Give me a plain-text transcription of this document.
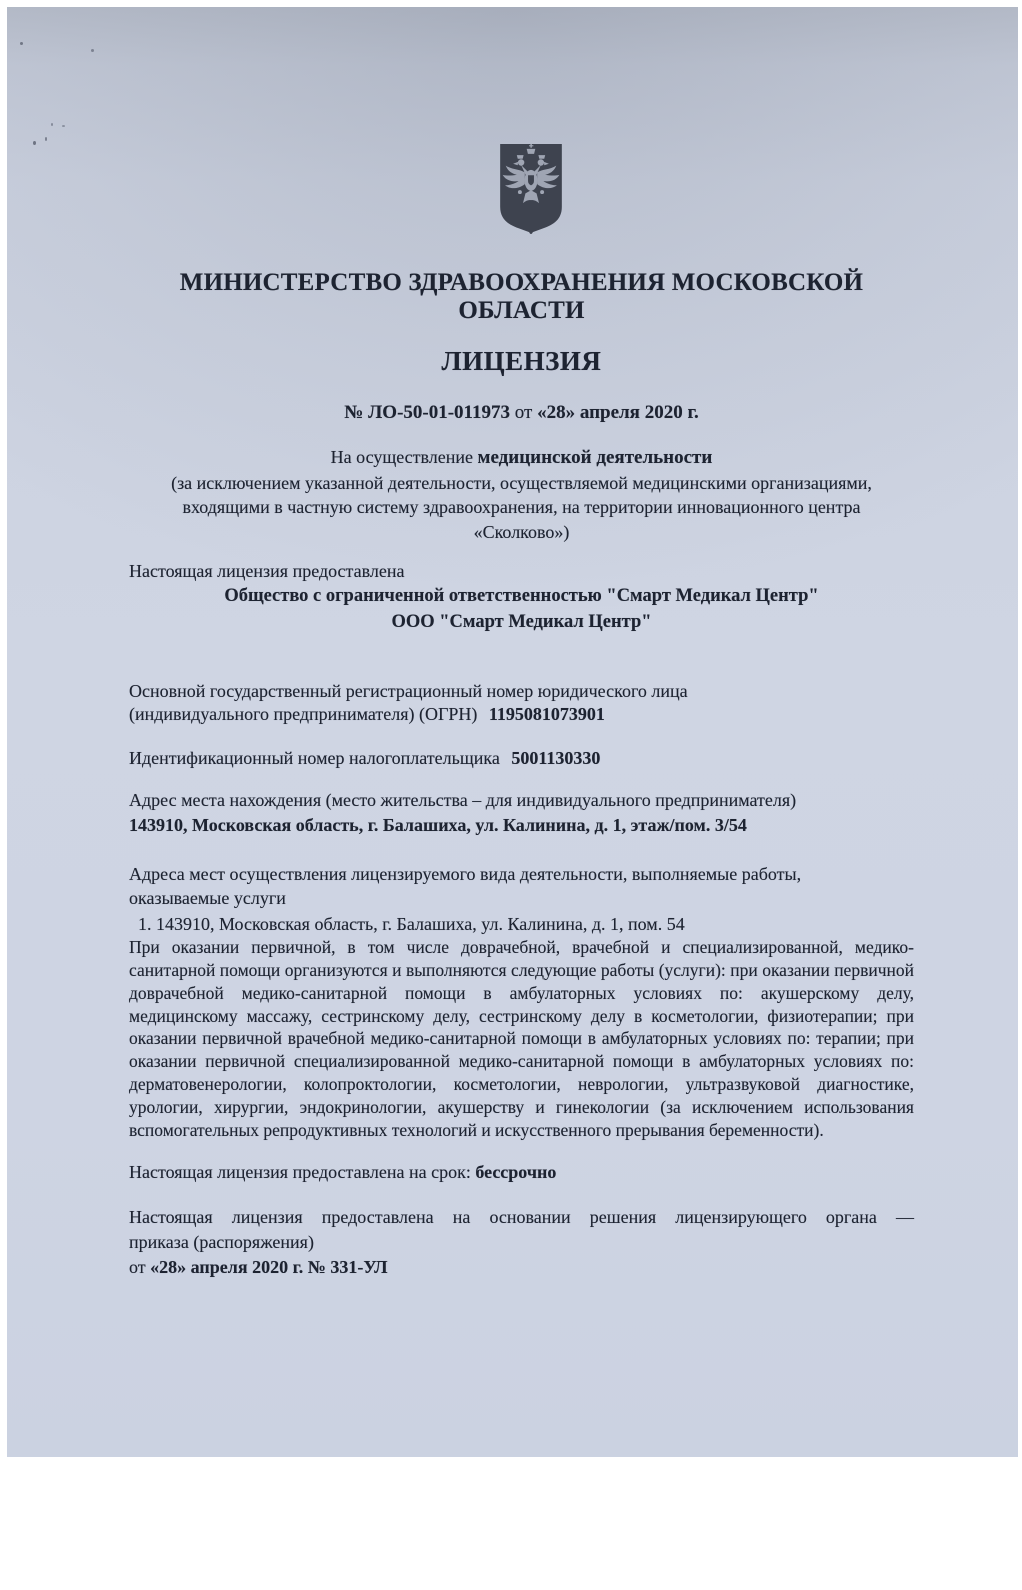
МИНИСТЕРСТВО ЗДРАВООХРАНЕНИЯ МОСКОВСКОЙ ОБЛАСТИ
ЛИЦЕНЗИЯ
№ ЛО-50-01-011973 от «28» апреля 2020 г.
На осуществление медицинской деятельности
(за исключением указанной деятельности, осуществляемой медицинскими организациями,
входящими в частную систему здравоохранения, на территории инновационного центра
«Сколково»)
Настоящая лицензия предоставлена
Общество с ограниченной ответственностью "Смарт Медикал Центр"
ООО "Смарт Медикал Центр"
Основной государственный регистрационный номер юридического лица
(индивидуального предпринимателя) (ОГРН) 1195081073901
Идентификационный номер налогоплательщика 5001130330
Адрес места нахождения (место жительства – для индивидуального предпринимателя)
143910, Московская область, г. Балашиха, ул. Калинина, д. 1, этаж/пом. 3/54
Адреса мест осуществления лицензируемого вида деятельности, выполняемые работы,
оказываемые услуги
1. 143910, Московская область, г. Балашиха, ул. Калинина, д. 1, пом. 54
При оказании первичной, в том числе доврачебной, врачебной и специализированной, медико-санитарной помощи организуются и выполняются следующие работы (услуги): при оказании первичной доврачебной медико-санитарной помощи в амбулаторных условиях по: акушерскому делу, медицинскому массажу, сестринскому делу, сестринскому делу в косметологии, физиотерапии; при оказании первичной врачебной медико-санитарной помощи в амбулаторных условиях по: терапии; при оказании первичной специализированной медико-санитарной помощи в амбулаторных условиях по: дерматовенерологии, колопроктологии, косметологии, неврологии, ультразвуковой диагностике, урологии, хирургии, эндокринологии, акушерству и гинекологии (за исключением использования вспомогательных репродуктивных технологий и искусственного прерывания беременности).
Настоящая лицензия предоставлена на срок: бессрочно
Настоящая лицензия предоставлена на основании решения лицензирующего органа —
приказа (распоряжения)
от «28» апреля 2020 г. № 331-УЛ
